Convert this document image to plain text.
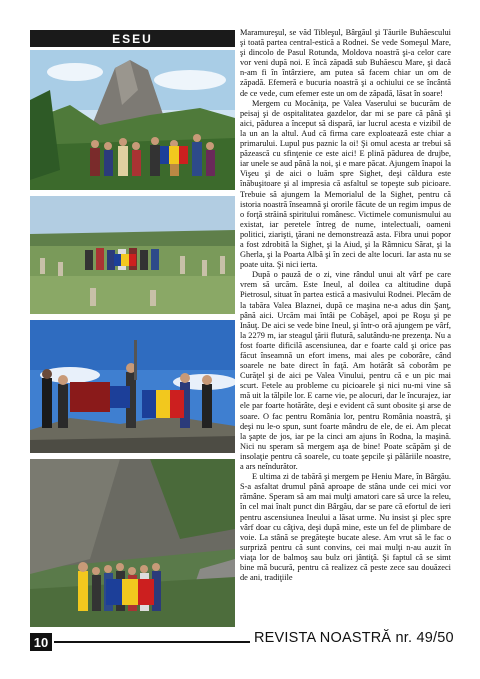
ESEU	Maramureşul, se văd Tibleşul, Bârgăul şi Tăurile Buhăescului şi toată partea central-estică a Rodnei. Se vede Someşul Mare, şi dincolo de Pasul Rotunda, Moldova noastră şi-a celor care vor veni după noi. E încă zăpadă sub Buhăescu Mare, şi dacă n-am fi în întârziere, am putea să facem chiar un om de zăpadă. Efemeră e bucuria noastră şi a ochiului ce se încântă de ce vede, cum efemer este un om de zăpadă, lăsat în soare!

Mergem cu Mocăniţa, pe Valea Vaserului se bucurăm de peisaj şi de ospitalitatea gazdelor, dar mi se pare că până şi aici, pădurea a început să dispară, iar lucrul acesta e vizibil de la un an la altul. Aud că firma care exploatează este chiar a primarului. Lupul pus paznic la oi! Şi omul acesta ar trebui să păzească cu sfinţenie ce este aici! E plină pădurea de drujbe, iar unele se aud până la noi, şi e mare păcat. Ajungem înapoi la Vişeu şi de aici o luăm spre Sighet, deşi căldura este înăbuşitoare şi al impresia că asfaltul se topeşte sub picioare. Trebuie să ajungem la Memorialul de la Sighet, pentru că istoria noastră înseamnă şi ororile făcute de un regim impus de o forţă străină spiritului românesc. Victimele comunismului au existat, iar peretele întreg de nume, intelectuali, oameni politici, ziarişti, ţărani ne demonstrează asta. Fibra unui popor a fost zdrobită la Sighet, şi la Aiud, şi la Râmnicu Sărat, şi la Gherla, şi la Poarta Albă şi în zeci de alte locuri. Iar asta nu se poate uita. Şi nici iertа.

După o pauză de o zi, vine rândul unui alt vârf pe care vrem să urcăm. Este Ineul, al doilea ca altitudine după Pietrosul, situat în partea estică a masivului Rodnei. Plecăm de la tabăra Valea Blaznei, după ce maşina ne-a adus din Şanţ, până aici. Urcăm mai întâi pe Cobăşel, apoi pe Roşu şi pe Inăuţ. De aici se vede bine Ineul, şi într-o oră ajungem pe vârf, la 2279 m, iar steagul ţării flutură, salutându-ne prezenţa. Nu a fost foarte dificilă ascensiunea, dar e foarte cald şi orice pas făcut înseamnă un efort imens, mai ales pe coborâre, când soarele ne bate direct în faţă. Am hotărât să coborâm pe Curăţel şi de aici pe Valea Vinului, pentru că e un pic mai scurt. Fetele au probleme cu picioarele şi nici nu-mi vine să mă uit la tălpile lor. E carne vie, pe alocuri, dar le încurajez, iar ele par foarte hotărâte, deşi e evident că sunt obosite şi arse de soare. O fac pentru România lor, pentru România noastră, şi deşi nu le-o spun, sunt foarte mândru de ele, de ei. Am plecat la şapte de jos, iar pe la cinci am ajuns în Rodna, la maşină. Nici nu speram să mergem aşa de bine! Poate scăpăm şi de insolaţie pentru că soarele, cu toate şepcile şi pălăriile noastre, a ars neîndurător.

E ultima zi de tabără şi mergem pe Heniu Mare, în Bârgău. S-a asfaltat drumul până aproape de stâna unde cei mici vor rămâne. Speram să am mai mulţi amatori care să urce la releu, în cel mai înalt punct din Bârgău, dar se pare că efortul de ieri pentru ascensiunea Ineului a lăsat urme. Nu insist şi plec spre vârf doar cu câţiva, deşi după mine, este un fel de plimbare de voie. La stână se pregăteşte bucate alese. Am vrut să le fac o surpriză pentru că sunt convins, cei mai mulţi n-au auzit în viaţa lor de balmoş sau bulz ori jântiţă. Şi faptul că se simt bine mă bucură, pentru că realizez că peste zece sau douăzeci de ani, tradiţiile

10	REVISTA NOASTRĂ nr. 49/50
